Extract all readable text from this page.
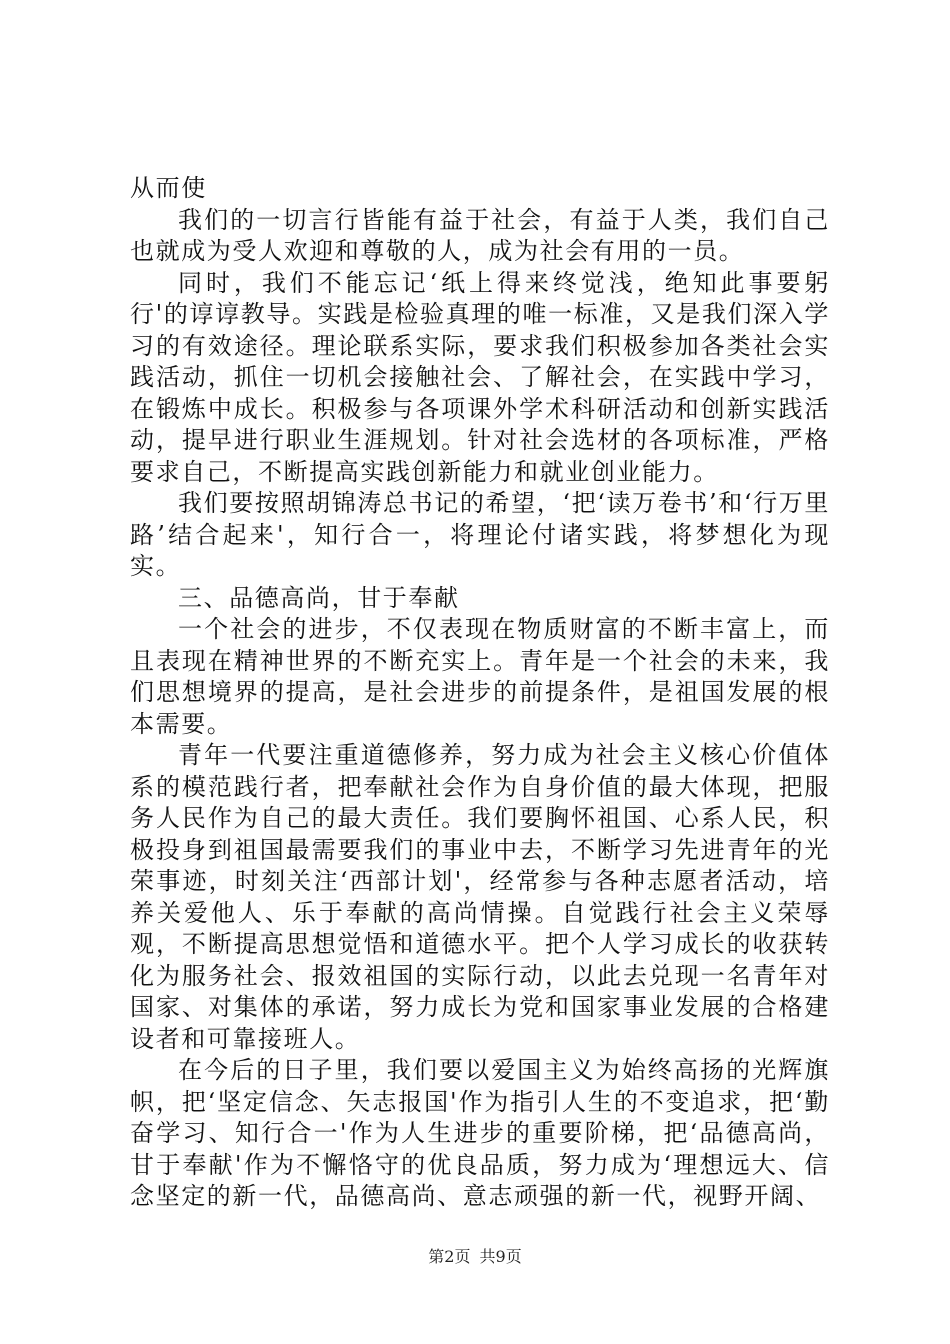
从而使

我们的一切言行皆能有益于社会，有益于人类，我们自己也就成为受人欢迎和尊敬的人，成为社会有用的一员。

同时，我们不能忘记‘纸上得来终觉浅，绝知此事要躬行'的谆谆教导。实践是检验真理的唯一标准，又是我们深入学习的有效途径。理论联系实际，要求我们积极参加各类社会实践活动，抓住一切机会接触社会、了解社会，在实践中学习，在锻炼中成长。积极参与各项课外学术科研活动和创新实践活动，提早进行职业生涯规划。针对社会选材的各项标准，严格要求自己，不断提高实践创新能力和就业创业能力。

我们要按照胡锦涛总书记的希望，‘把‘读万卷书’和‘行万里路’结合起来'，知行合一，将理论付诸实践，将梦想化为现实。

三、品德高尚，甘于奉献

一个社会的进步，不仅表现在物质财富的不断丰富上，而且表现在精神世界的不断充实上。青年是一个社会的未来，我们思想境界的提高，是社会进步的前提条件，是祖国发展的根本需要。

青年一代要注重道德修养，努力成为社会主义核心价值体系的模范践行者，把奉献社会作为自身价值的最大体现，把服务人民作为自己的最大责任。我们要胸怀祖国、心系人民，积极投身到祖国最需要我们的事业中去，不断学习先进青年的光荣事迹，时刻关注‘西部计划'，经常参与各种志愿者活动，培养关爱他人、乐于奉献的高尚情操。自觉践行社会主义荣辱观，不断提高思想觉悟和道德水平。把个人学习成长的收获转化为服务社会、报效祖国的实际行动，以此去兑现一名青年对国家、对集体的承诺，努力成长为党和国家事业发展的合格建设者和可靠接班人。

在今后的日子里，我们要以爱国主义为始终高扬的光辉旗帜，把‘坚定信念、矢志报国'作为指引人生的不变追求，把‘勤奋学习、知行合一'作为人生进步的重要阶梯，把‘品德高尚，甘于奉献'作为不懈恪守的优良品质，努力成为‘理想远大、信念坚定的新一代，品德高尚、意志顽强的新一代，视野开阔、

第2页 共9页
